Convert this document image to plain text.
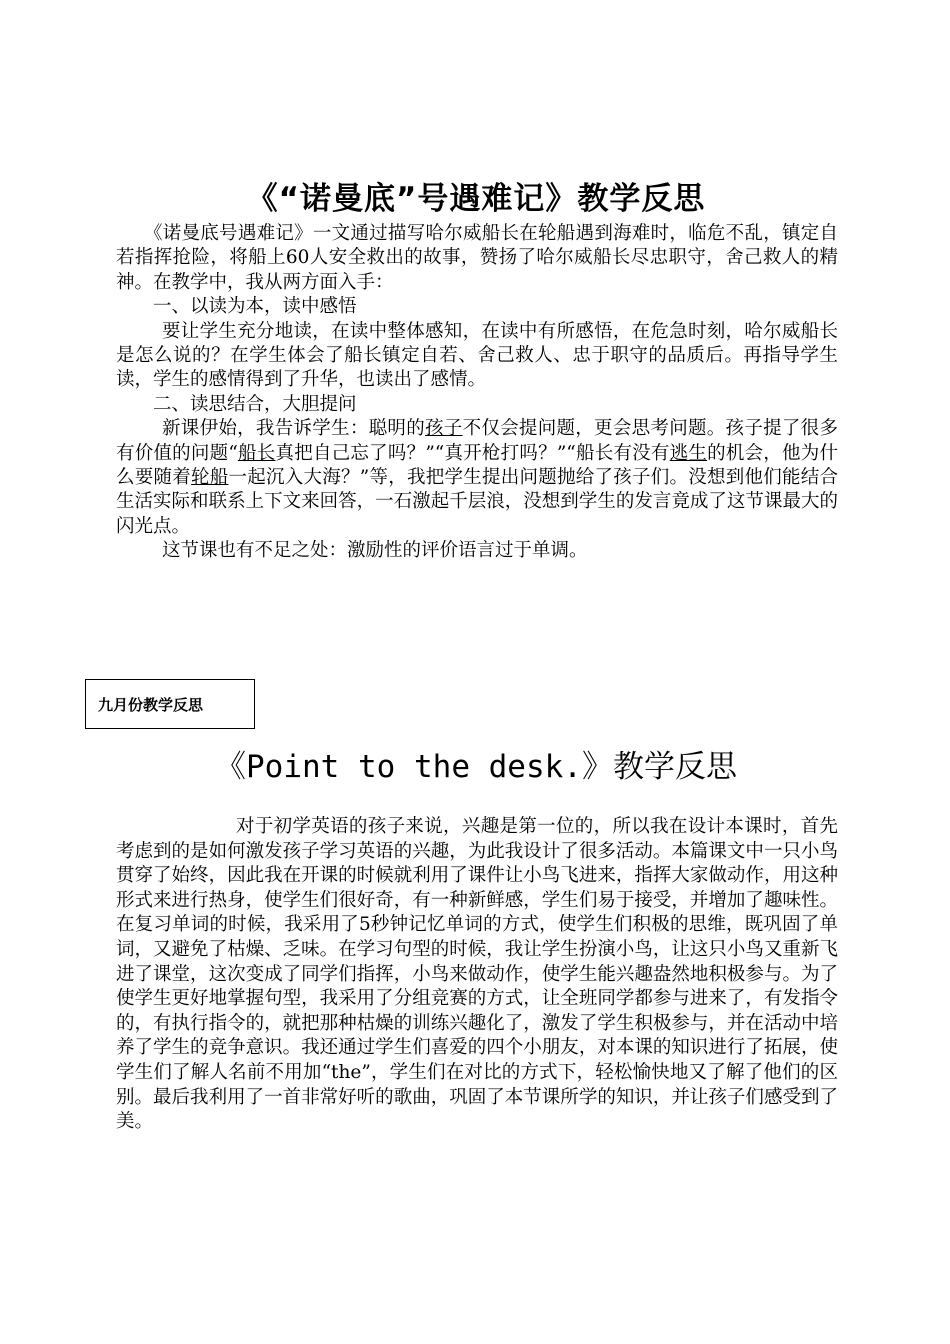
《“诺曼底”号遇难记》教学反思

《诺曼底号遇难记》一文通过描写哈尔威船长在轮船遇到海难时，临危不乱，镇定自若指挥抢险，将船上60人安全救出的故事，赞扬了哈尔威船长尽忠职守，舍己救人的精神。在教学中，我从两方面入手：

一、以读为本，读中感悟

要让学生充分地读，在读中整体感知，在读中有所感悟，在危急时刻，哈尔威船长是怎么说的？在学生体会了船长镇定自若、舍己救人、忠于职守的品质后。再指导学生读，学生的感情得到了升华，也读出了感情。

二、读思结合，大胆提问

新课伊始，我告诉学生：聪明的孩子不仅会提问题，更会思考问题。孩子提了很多有价值的问题“船长真把自己忘了吗？”“真开枪打吗？”“船长有没有逃生的机会，他为什么要随着轮船一起沉入大海？”等，我把学生提出问题抛给了孩子们。没想到他们能结合生活实际和联系上下文来回答，一石激起千层浪，没想到学生的发言竟成了这节课最大的闪光点。

这节课也有不足之处：激励性的评价语言过于单调。

九月份教学反思
《Point to the desk.》教学反思

对于初学英语的孩子来说，兴趣是第一位的，所以我在设计本课时，首先考虑到的是如何激发孩子学习英语的兴趣，为此我设计了很多活动。本篇课文中一只小鸟贯穿了始终，因此我在开课的时候就利用了课件让小鸟飞进来，指挥大家做动作，用这种形式来进行热身，使学生们很好奇，有一种新鲜感，学生们易于接受，并增加了趣味性。在复习单词的时候，我采用了5秒钟记忆单词的方式，使学生们积极的思维，既巩固了单词，又避免了枯燥、乏味。在学习句型的时候，我让学生扮演小鸟，让这只小鸟又重新飞进了课堂，这次变成了同学们指挥，小鸟来做动作，使学生能兴趣盎然地积极参与。为了使学生更好地掌握句型，我采用了分组竞赛的方式，让全班同学都参与进来了，有发指令的，有执行指令的，就把那种枯燥的训练兴趣化了，激发了学生积极参与，并在活动中培养了学生的竞争意识。我还通过学生们喜爱的四个小朋友，对本课的知识进行了拓展，使学生们了解人名前不用加“the”，学生们在对比的方式下，轻松愉快地又了解了他们的区别。最后我利用了一首非常好听的歌曲，巩固了本节课所学的知识，并让孩子们感受到了美。
